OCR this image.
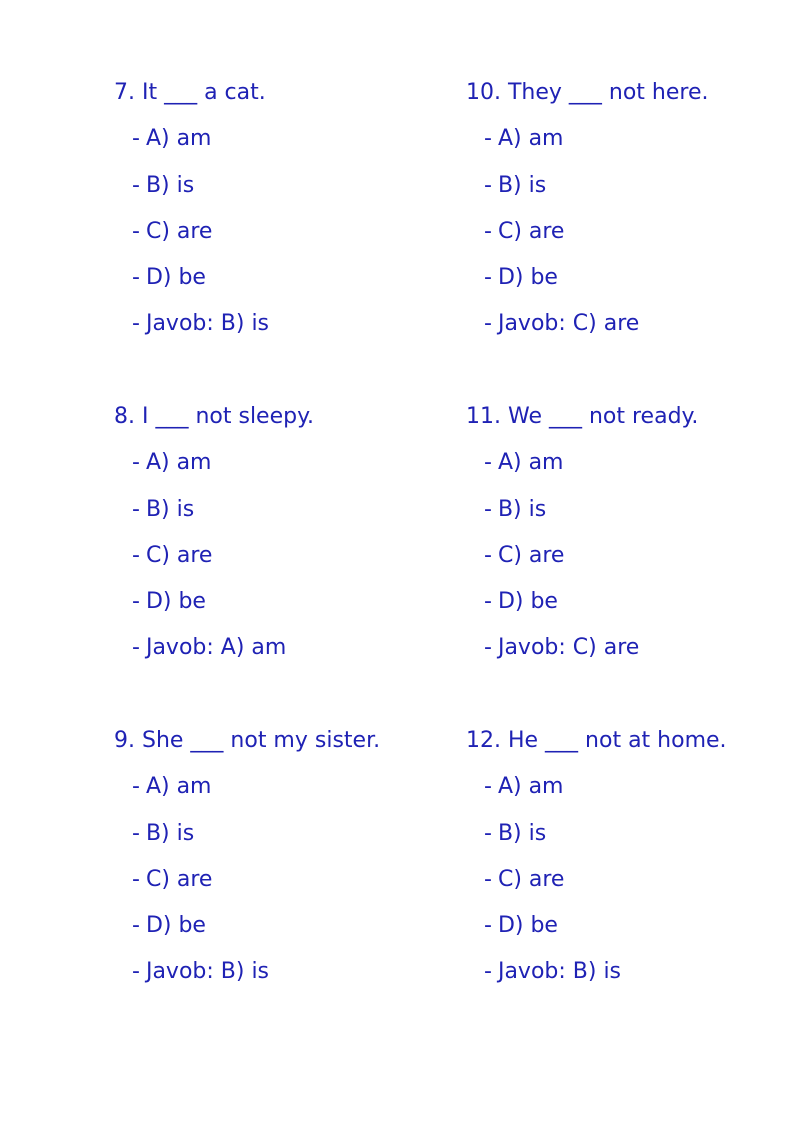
7. It ___ a cat.

- A) am
- B) is
- C) are
- D) be
- Javob: B) is

8. I ___ not sleepy.

- A) am
- B) is
- C) are
- D) be
- Javob: A) am

9. She ___ not my sister.

- A) am
- B) is
- C) are
- D) be
- Javob: B) is

10. They ___ not here.

- A) am
- B) is
- C) are
- D) be
- Javob: C) are

11. We ___ not ready.

- A) am
- B) is
- C) are
- D) be
- Javob: C) are

12. He ___ not at home.

- A) am
- B) is
- C) are
- D) be
- Javob: B) is
